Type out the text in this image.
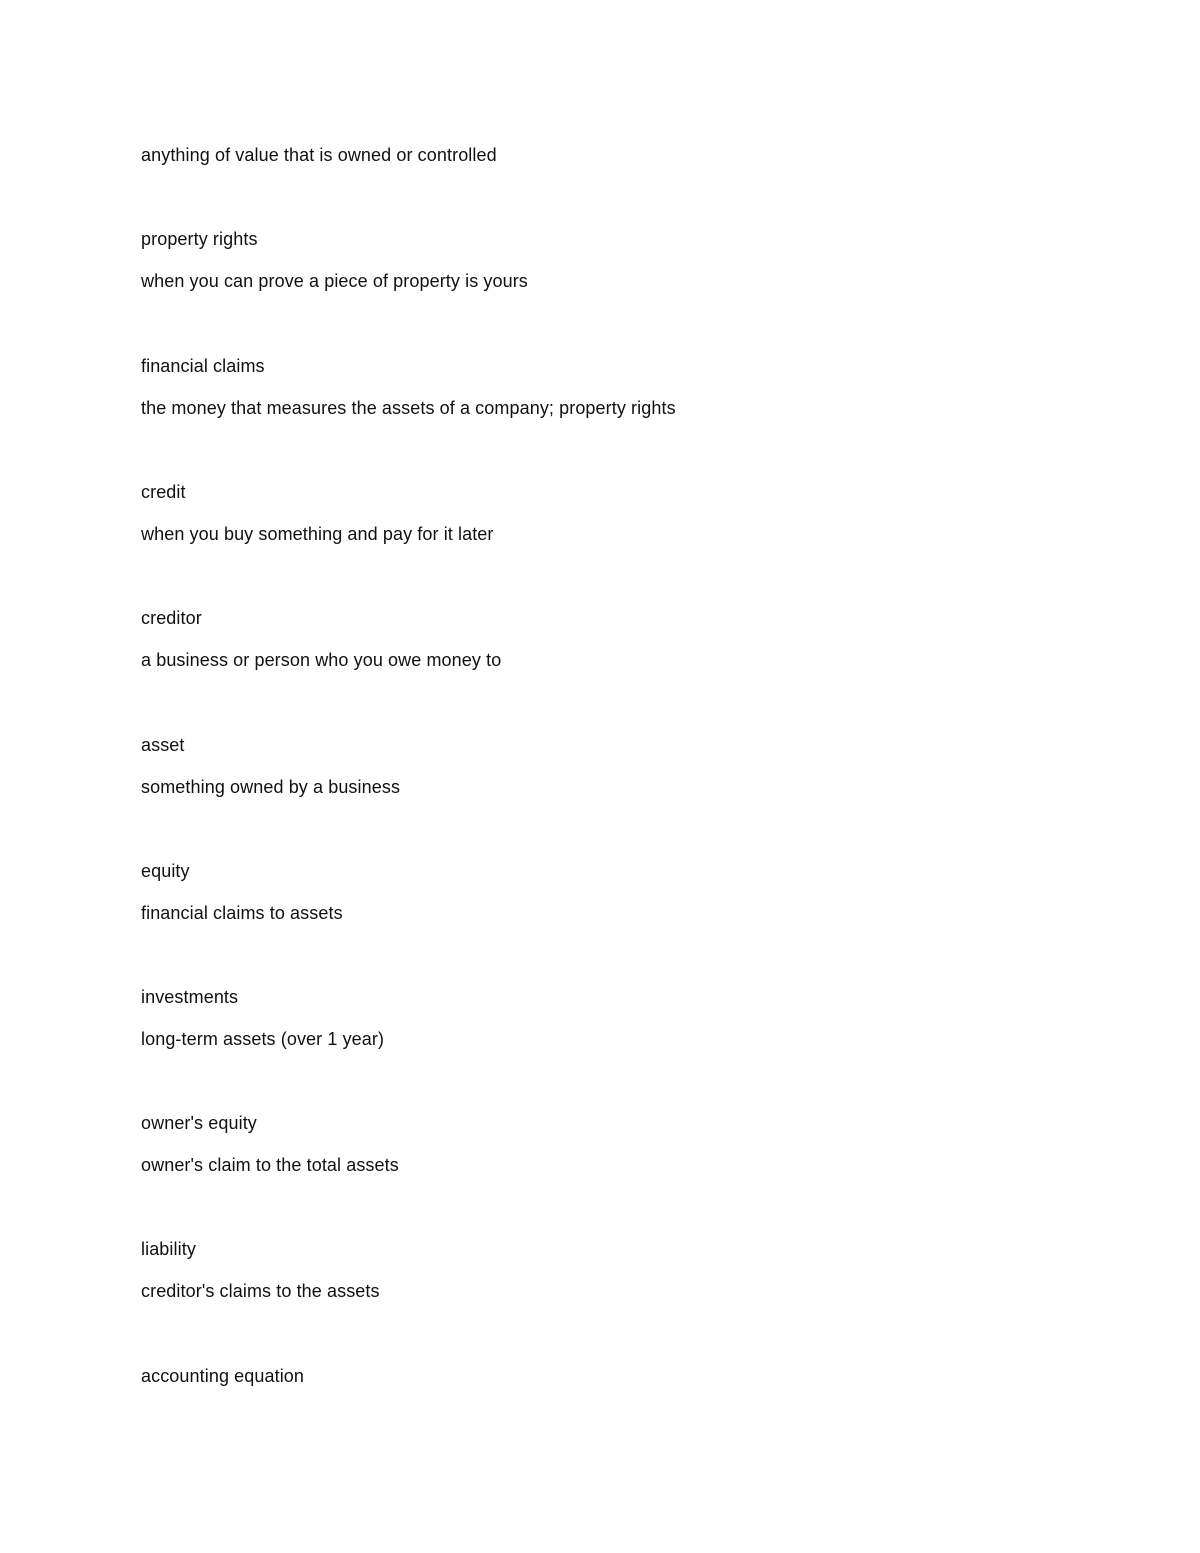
anything of value that is owned or controlled
property rights
when you can prove a piece of property is yours
financial claims
the money that measures the assets of a company; property rights
credit
when you buy something and pay for it later
creditor
a business or person who you owe money to
asset
something owned by a business
equity
financial claims to assets
investments
long-term assets (over 1 year)
owner's equity
owner's claim to the total assets
liability
creditor's claims to the assets
accounting equation
